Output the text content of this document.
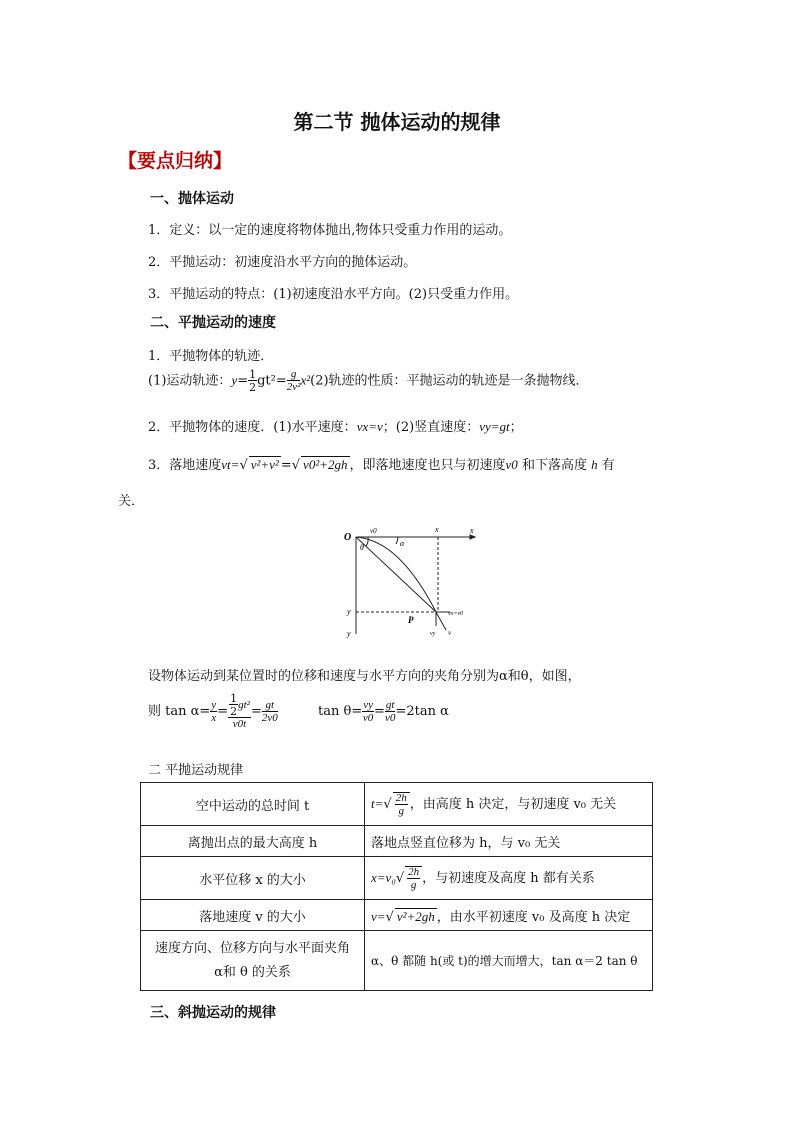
第二节 抛体运动的规律
【要点归纳】
一、抛体运动
1．定义：以一定的速度将物体抛出,物体只受重力作用的运动。
2．平抛运动：初速度沿水平方向的抛体运动。
3．平抛运动的特点：(1)初速度沿水平方向。(2)只受重力作用。
二、平抛运动的速度
1．平抛物体的轨迹．
(1)运动轨迹：$y= \frac{1}{2} gt^2= \frac{g}{\text{2v²}} x^2(2)$轨迹的性质：平抛运动的轨迹是一条抛物线．
2．平抛物体的速度．(1)水平速度：vx=v；(2)竖直速度：vy=gt；
3．落地速度vt=√ v²+v² =√ v0²+2gh ，即落地速度也只与初速度v0 和下落高度 h 有
关．
O
v0	x	x
θ	α
y
y
P
vx=v0
vy v
设物体运动到某位置时的位移和速度与水平方向的夹角分别为α和θ，如图，
则 $\tan \alpha= \frac{y}{x} = \frac{\frac{1}{2} gt^2}{v0t} = \frac{gt}{2v0}$	$\tan \theta= \frac{vy}{v0} = \frac{gt}{v0} =2\tan$ α
二 平抛运动规律
空中运动的总时间 t	$t=√ \frac{2h}{g}$ ，由高度 h 决定，与初速度 v₀ 无关
离抛出点的最大高度 h	落地点竖直位移为 h，与 v₀ 无关
水平位移 x 的大小	$x=v_0√ \frac{2h}{g}$ ，与初速度及高度 h 都有关系
落地速度 v 的大小	v=√ v²+2gh ，由水平初速度 v₀ 及高度 h 决定

速度方向、位移方向与水平面夹角
α和 θ 的关系	α、θ 都随 h(或 t)的增大而增大，tan α＝2 tan θ
三、斜抛运动的规律
